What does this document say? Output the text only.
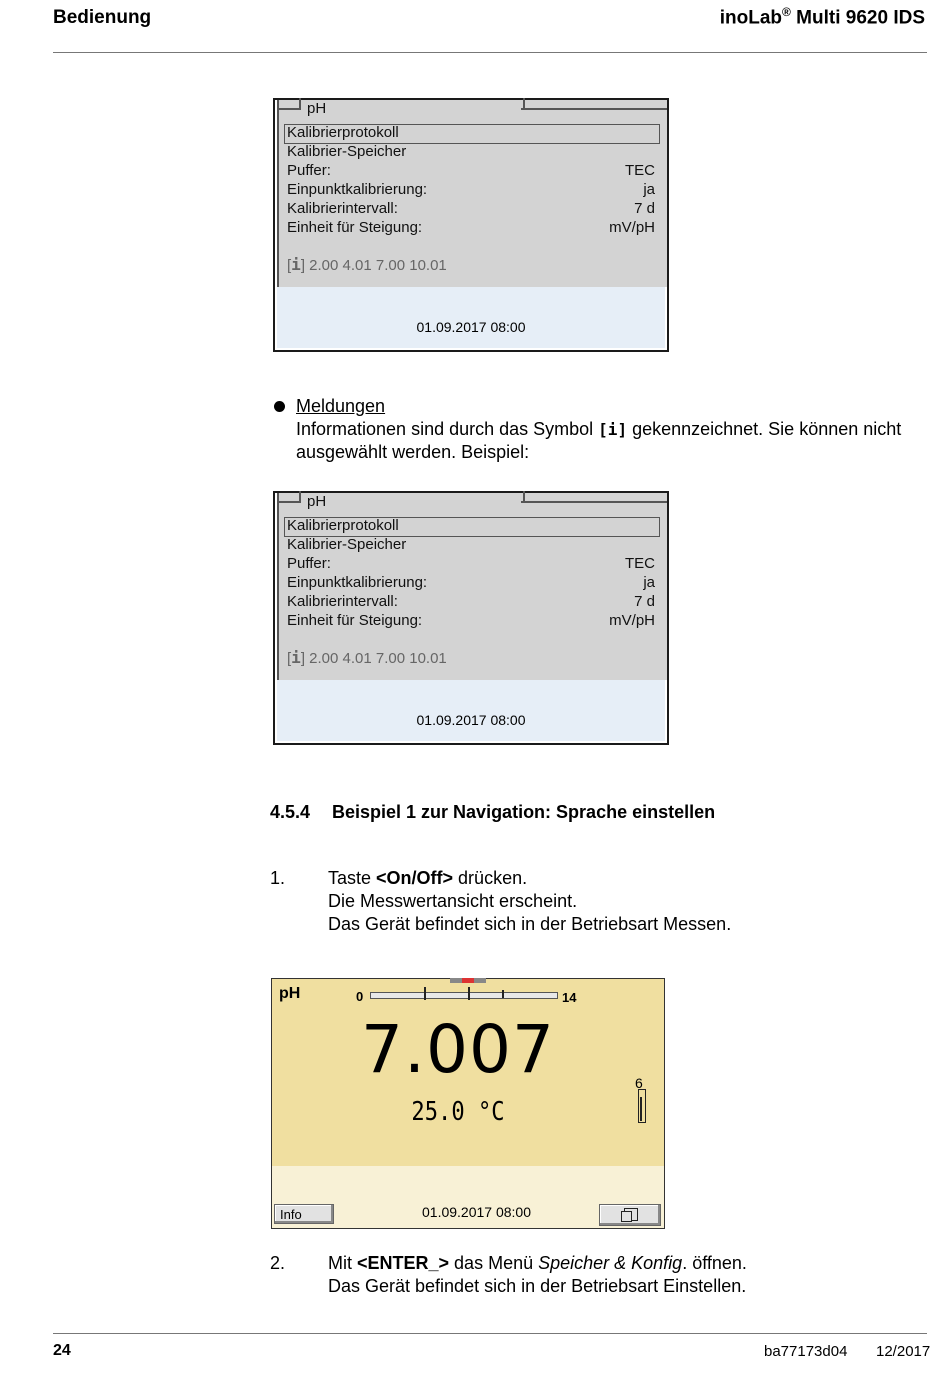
Bedienung	inoLab® Multi 9620 IDS
pH
Kalibrierprotokoll
Kalibrier-Speicher
Puffer:	TEC
Einpunktkalibrierung:	ja
Kalibrierintervall:	7 d
Einheit für Steigung:	mV/pH
[i] 2.00 4.01 7.00 10.01
01.09.2017 08:00
Meldungen
Informationen sind durch das Symbol [i] gekennzeichnet. Sie können nicht
ausgewählt werden. Beispiel:
pH
Kalibrierprotokoll
Kalibrier-Speicher
Puffer:	TEC
Einpunktkalibrierung:	ja
Kalibrierintervall:	7 d
Einheit für Steigung:	mV/pH
[i] 2.00 4.01 7.00 10.01
01.09.2017 08:00
4.5.4 Beispiel 1 zur Navigation: Sprache einstellen
1. Taste <On/Off> drücken.
Die Messwertansicht erscheint.
Das Gerät befindet sich in der Betriebsart Messen.
pH	0	14
7.007
25.0 °C
6
Info	01.09.2017 08:00
2. Mit <ENTER_> das Menü Speicher & Konfig. öffnen.
Das Gerät befindet sich in der Betriebsart Einstellen.
24	ba77173d04 12/2017
